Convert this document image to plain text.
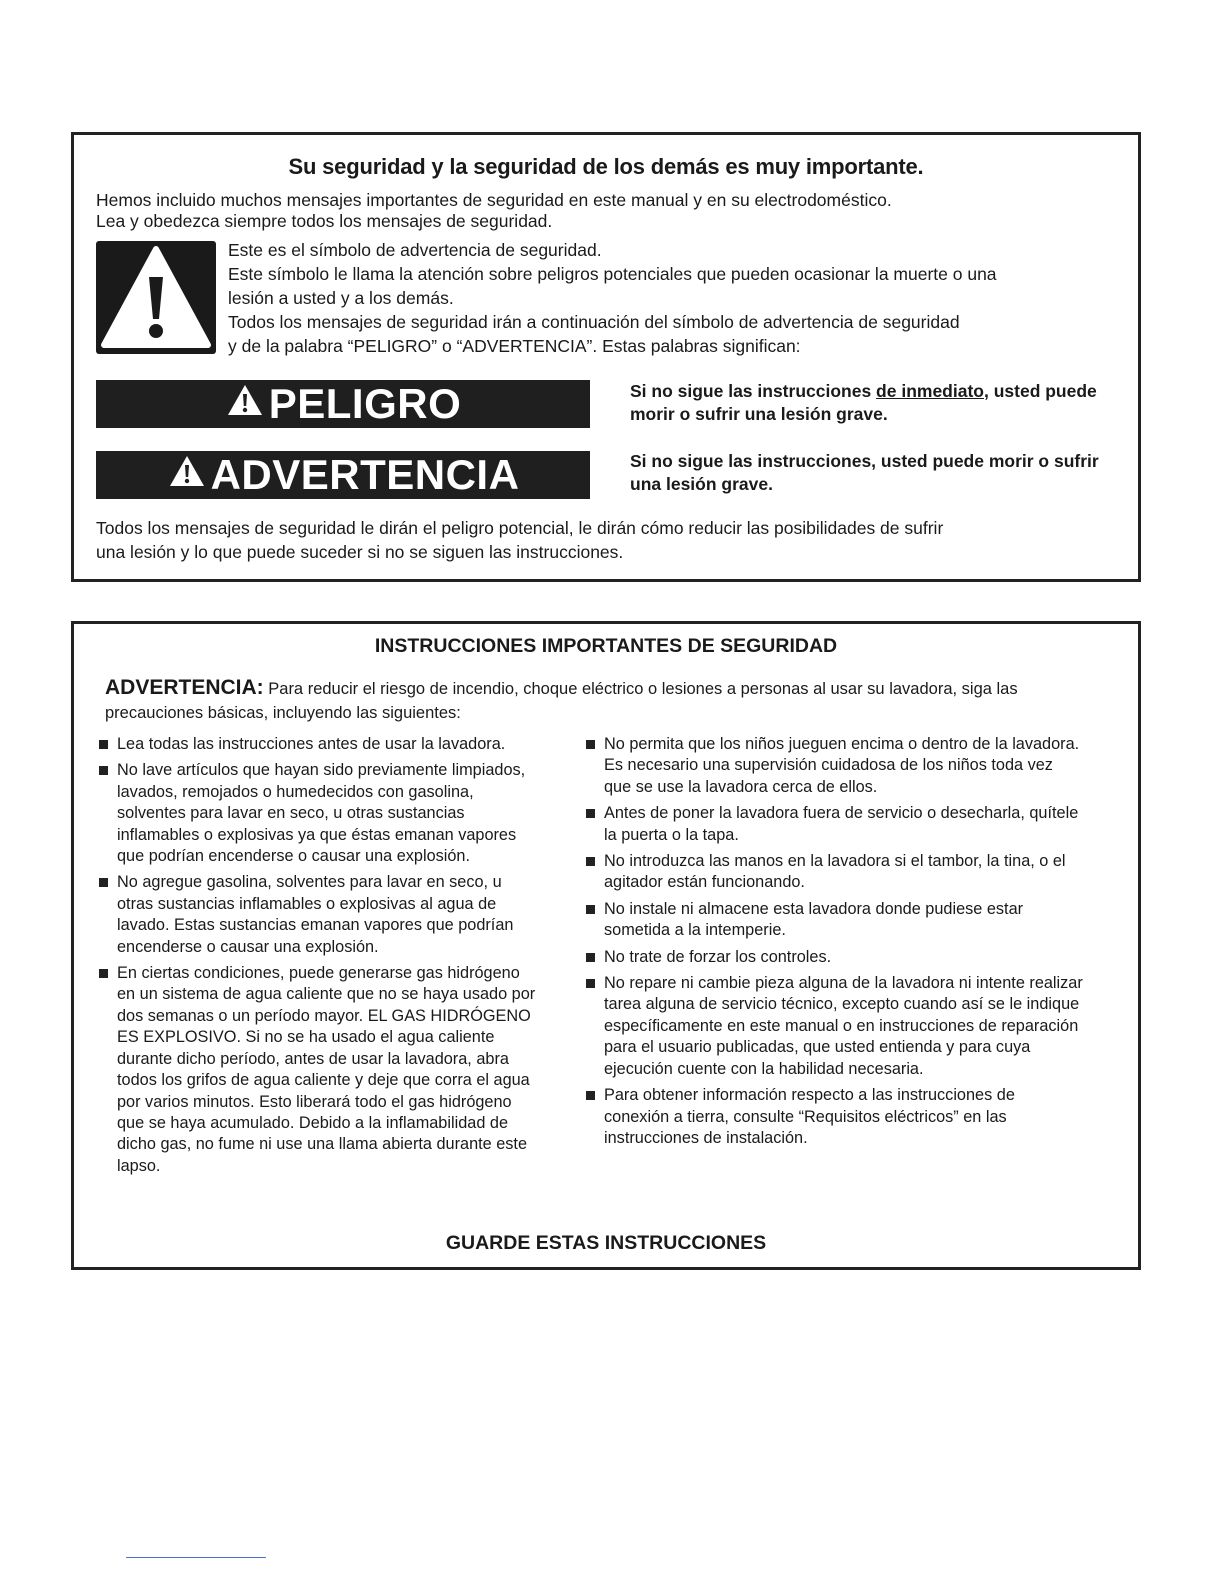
Su seguridad y la seguridad de los demás es muy importante.
Hemos incluido muchos mensajes importantes de seguridad en este manual y en su electrodoméstico.
Lea y obedezca siempre todos los mensajes de seguridad.
Este es el símbolo de advertencia de seguridad.
Este símbolo le llama la atención sobre peligros potenciales que pueden ocasionar la muerte o una
lesión a usted y a los demás.
Todos los mensajes de seguridad irán a continuación del símbolo de advertencia de seguridad
y de la palabra “PELIGRO” o “ADVERTENCIA”. Estas palabras significan:
PELIGRO	Si no sigue las instrucciones de inmediato, usted puede morir o sufrir una lesión grave.
ADVERTENCIA	Si no sigue las instrucciones, usted puede morir o sufrir una lesión grave.
Todos los mensajes de seguridad le dirán el peligro potencial, le dirán cómo reducir las posibilidades de sufrir
una lesión y lo que puede suceder si no se siguen las instrucciones.
INSTRUCCIONES IMPORTANTES DE SEGURIDAD
ADVERTENCIA: Para reducir el riesgo de incendio, choque eléctrico o lesiones a personas al usar su lavadora, siga las
precauciones básicas, incluyendo las siguientes:
Lea todas las instrucciones antes de usar la lavadora.
No lave artículos que hayan sido previamente limpiados, lavados, remojados o humedecidos con gasolina, solventes para lavar en seco, u otras sustancias inflamables o explosivas ya que éstas emanan vapores que podrían encenderse o causar una explosión.
No agregue gasolina, solventes para lavar en seco, u otras sustancias inflamables o explosivas al agua de lavado. Estas sustancias emanan vapores que podrían encenderse o causar una explosión.
En ciertas condiciones, puede generarse gas hidrógeno en un sistema de agua caliente que no se haya usado por dos semanas o un período mayor. EL GAS HIDRÓGENO ES EXPLOSIVO. Si no se ha usado el agua caliente durante dicho período, antes de usar la lavadora, abra todos los grifos de agua caliente y deje que corra el agua por varios minutos. Esto liberará todo el gas hidrógeno que se haya acumulado. Debido a la inflamabilidad de dicho gas, no fume ni use una llama abierta durante este lapso.
No permita que los niños jueguen encima o dentro de la lavadora. Es necesario una supervisión cuidadosa de los niños toda vez que se use la lavadora cerca de ellos.
Antes de poner la lavadora fuera de servicio o desecharla, quítele la puerta o la tapa.
No introduzca las manos en la lavadora si el tambor, la tina, o el agitador están funcionando.
No instale ni almacene esta lavadora donde pudiese estar sometida a la intemperie.
No trate de forzar los controles.
No repare ni cambie pieza alguna de la lavadora ni intente realizar tarea alguna de servicio técnico, excepto cuando así se le indique específicamente en este manual o en instrucciones de reparación para el usuario publicadas, que usted entienda y para cuya ejecución cuente con la habilidad necesaria.
Para obtener información respecto a las instrucciones de conexión a tierra, consulte “Requisitos eléctricos” en las instrucciones de instalación.
GUARDE ESTAS INSTRUCCIONES
